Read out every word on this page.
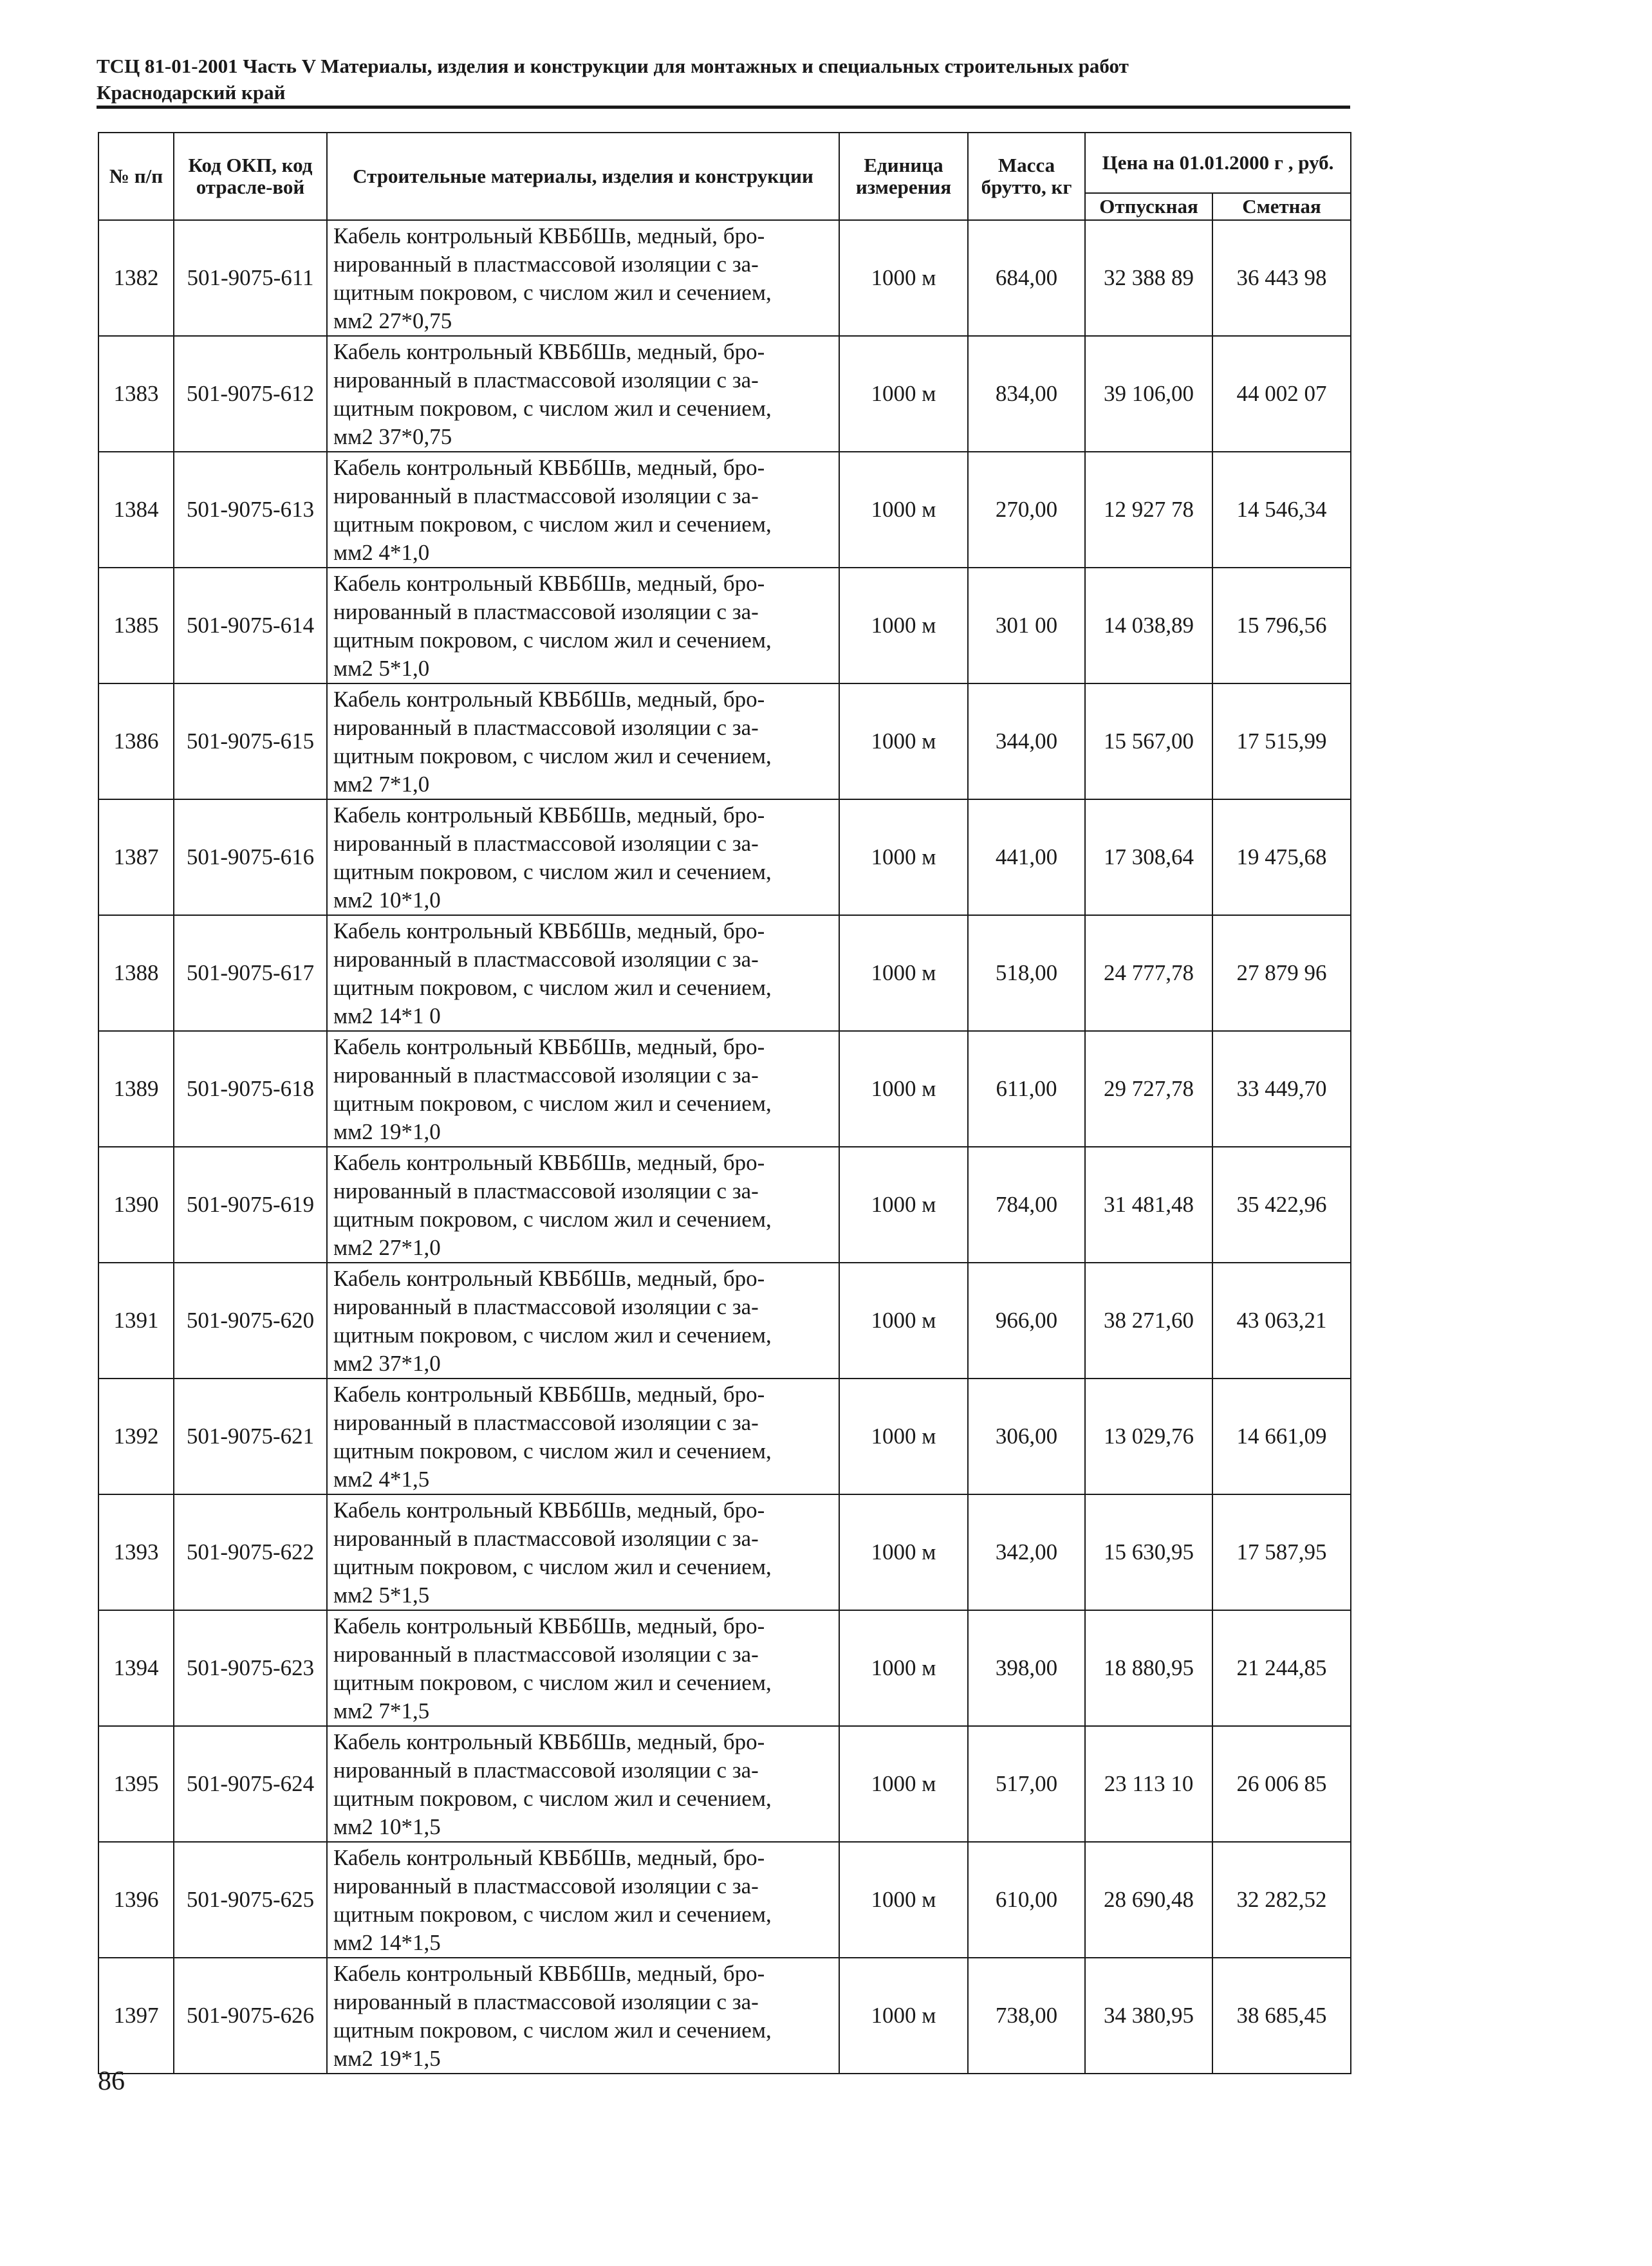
ТСЦ 81-01-2001 Часть V Материалы, изделия и конструкции для монтажных и специальных строительных работ
Краснодарский край
№ п/п	Код ОКП, код отрасле-вой	Строительные материалы, изделия и конструкции	Единица измерения	Масса брутто, кг	Цена на 01.01.2000 г , руб.	
					Отпускная	Сметная
1382	501-9075-611	Кабель контрольный КВБбШв, медный, бро-
нированный в пластмассовой изоляции с за-
щитным покровом, с числом жил и сечением,
мм2 27*0,75	1000 м	684,00	32 388 89	36 443 98
1383	501-9075-612	Кабель контрольный КВБбШв, медный, бро-
нированный в пластмассовой изоляции с за-
щитным покровом, с числом жил и сечением,
мм2 37*0,75	1000 м	834,00	39 106,00	44 002 07
1384	501-9075-613	Кабель контрольный КВБбШв, медный, бро-
нированный в пластмассовой изоляции с за-
щитным покровом, с числом жил и сечением,
мм2 4*1,0	1000 м	270,00	12 927 78	14 546,34
1385	501-9075-614	Кабель контрольный КВБбШв, медный, бро-
нированный в пластмассовой изоляции с за-
щитным покровом, с числом жил и сечением,
мм2 5*1,0	1000 м	301 00	14 038,89	15 796,56
1386	501-9075-615	Кабель контрольный КВБбШв, медный, бро-
нированный в пластмассовой изоляции с за-
щитным покровом, с числом жил и сечением,
мм2 7*1,0	1000 м	344,00	15 567,00	17 515,99
1387	501-9075-616	Кабель контрольный КВБбШв, медный, бро-
нированный в пластмассовой изоляции с за-
щитным покровом, с числом жил и сечением,
мм2 10*1,0	1000 м	441,00	17 308,64	19 475,68
1388	501-9075-617	Кабель контрольный КВБбШв, медный, бро-
нированный в пластмассовой изоляции с за-
щитным покровом, с числом жил и сечением,
мм2 14*1 0	1000 м	518,00	24 777,78	27 879 96
1389	501-9075-618	Кабель контрольный КВБбШв, медный, бро-
нированный в пластмассовой изоляции с за-
щитным покровом, с числом жил и сечением,
мм2 19*1,0	1000 м	611,00	29 727,78	33 449,70
1390	501-9075-619	Кабель контрольный КВБбШв, медный, бро-
нированный в пластмассовой изоляции с за-
щитным покровом, с числом жил и сечением,
мм2 27*1,0	1000 м	784,00	31 481,48	35 422,96
1391	501-9075-620	Кабель контрольный КВБбШв, медный, бро-
нированный в пластмассовой изоляции с за-
щитным покровом, с числом жил и сечением,
мм2 37*1,0	1000 м	966,00	38 271,60	43 063,21
1392	501-9075-621	Кабель контрольный КВБбШв, медный, бро-
нированный в пластмассовой изоляции с за-
щитным покровом, с числом жил и сечением,
мм2 4*1,5	1000 м	306,00	13 029,76	14 661,09
1393	501-9075-622	Кабель контрольный КВБбШв, медный, бро-
нированный в пластмассовой изоляции с за-
щитным покровом, с числом жил и сечением,
мм2 5*1,5	1000 м	342,00	15 630,95	17 587,95
1394	501-9075-623	Кабель контрольный КВБбШв, медный, бро-
нированный в пластмассовой изоляции с за-
щитным покровом, с числом жил и сечением,
мм2 7*1,5	1000 м	398,00	18 880,95	21 244,85
1395	501-9075-624	Кабель контрольный КВБбШв, медный, бро-
нированный в пластмассовой изоляции с за-
щитным покровом, с числом жил и сечением,
мм2 10*1,5	1000 м	517,00	23 113 10	26 006 85
1396	501-9075-625	Кабель контрольный КВБбШв, медный, бро-
нированный в пластмассовой изоляции с за-
щитным покровом, с числом жил и сечением,
мм2 14*1,5	1000 м	610,00	28 690,48	32 282,52
1397	501-9075-626	Кабель контрольный КВБбШв, медный, бро-
нированный в пластмассовой изоляции с за-
щитным покровом, с числом жил и сечением,
мм2 19*1,5	1000 м	738,00	34 380,95	38 685,45
86
